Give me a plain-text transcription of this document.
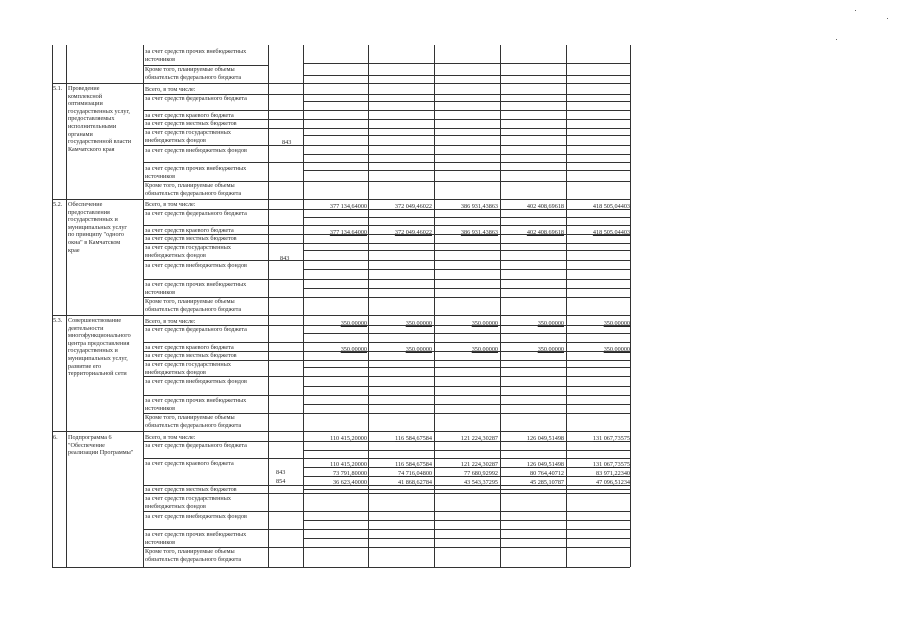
за счет средств прочих внебюджетных
источников
Кроме того, планируемые объемы
обязательств федерального бюджета
5.1. Проведение
комплексной
оптимизации
государственных услуг,
предоставляемых
исполнительными
органами
государственной власти
Камчатского края
Всего, в том числе:
за счет средств федерального бюджета
за счет средств краевого бюджета
за счет средств местных бюджетов
за счет средств государственных
внебюджетных фондов
за счет средств внебюджетных фондов
за счет средств прочих внебюджетных
источников
Кроме того, планируемые объемы
обязательств федерального бюджета
843
5.2. Обеспечение
предоставления
государственных и
муниципальных услуг
по принципу "одного
окна" в Камчатском
крае
Всего, в том числе:
за счет средств федерального бюджета
за счет средств краевого бюджета
за счет средств местных бюджетов
за счет средств государственных
внебюджетных фондов
за счет средств внебюджетных фондов
за счет средств прочих внебюджетных
источников
Кроме того, планируемые объемы
обязательств федерального бюджета
843
377 134,64000
377 134,64000
372 049,46022
372 049,46022
386 931,43863
386 931,43863
402 408,69618
402 408,69618
418 505,04403
418 505,04403
5.3. Совершенствование
деятельности
многофункционального
центра предоставления
государственных и
муниципальных услуг,
развитие его
территориальной сети
Всего, в том числе:
за счет средств федерального бюджета
за счет средств краевого бюджета
за счет средств местных бюджетов
за счет средств государственных
внебюджетных фондов
за счет средств внебюджетных фондов
за счет средств прочих внебюджетных
источников
Кроме того, планируемые объемы
обязательств федерального бюджета
350,00000
350,00000
350,00000
350,00000
350,00000
350,00000
350,00000
350,00000
350,00000
350,00000
6. Подпрограмма 6
"Обеспечение
реализации Программы"
Всего, в том числе:
за счет средств федерального бюджета
за счет средств краевого бюджета
за счет средств местных бюджетов
за счет средств государственных
внебюджетных фондов
за счет средств внебюджетных фондов
за счет средств прочих внебюджетных
источников
Кроме того, планируемые объемы
обязательств федерального бюджета
843
854
110 415,20000
110 415,20000
73 791,80000
36 623,40000
116 584,67584
116 584,67584
74 716,04800
41 868,62784
121 224,30287
121 224,30287
77 680,92992
43 543,37295
126 049,51498
126 049,51498
80 764,40712
45 285,10787
131 067,73575
131 067,73575
83 971,22340
47 096,51234
